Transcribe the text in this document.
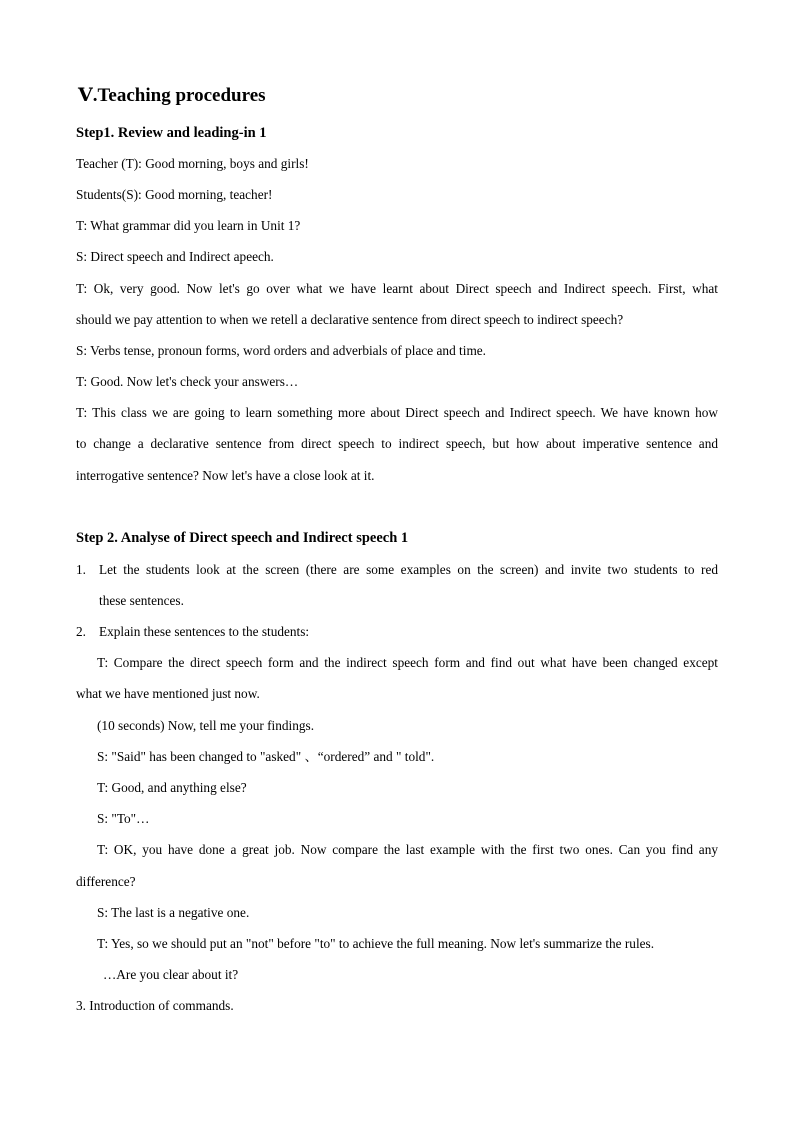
Ⅴ.Teaching procedures
Step1. Review and leading-in 1
Teacher (T): Good morning, boys and girls!
Students(S): Good morning, teacher!
T: What grammar did you learn in Unit 1?
S: Direct speech and Indirect apeech.
T: Ok, very good. Now let's go over what we have learnt about Direct speech and Indirect speech. First, what
should we pay attention to when we retell a declarative sentence from direct speech to indirect speech?
S: Verbs tense, pronoun forms, word orders and adverbials of place and time.
T: Good. Now let's check your answers…
T: This class we are going to learn something more about Direct speech and Indirect speech. We have known how
to change a declarative sentence from direct speech to indirect speech, but how about imperative sentence and
interrogative sentence? Now let's have a close look at it.
Step 2. Analyse of Direct speech and Indirect speech 1
1. Let the students look at the screen (there are some examples on the screen) and invite two students to red
these sentences.
2. Explain these sentences to the students:
T: Compare the direct speech form and the indirect speech form and find out what have been changed except
what we have mentioned just now.
(10 seconds) Now, tell me your findings.
S: "Said" has been changed to "asked" 、“ordered” and " told".
T: Good, and anything else?
S: "To"…
T: OK, you have done a great job. Now compare the last example with the first two ones. Can you find any
difference?
S: The last is a negative one.
T: Yes, so we should put an "not" before "to" to achieve the full meaning. Now let's summarize the rules.
…Are you clear about it?
3. Introduction of commands.
